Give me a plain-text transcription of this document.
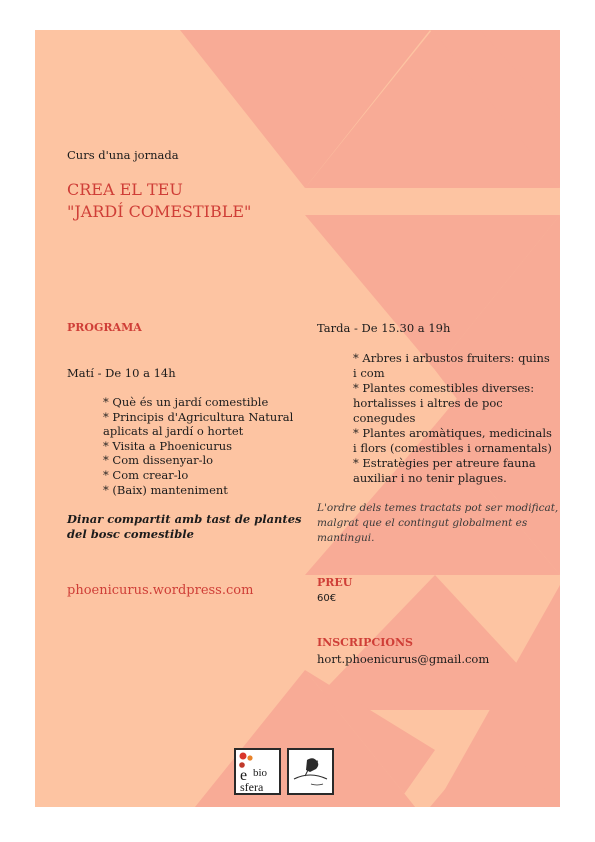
Curs d'una jornada
CREA EL TEU
"JARDÍ COMESTIBLE"
PROGRAMA
Matí - De 10 a 14h
* Què és un jardí comestible
* Principis d'Agricultura Natural
aplicats al jardí o hortet
* Visita a Phoenicurus
* Com dissenyar-lo
* Com crear-lo
* (Baix) manteniment
Dinar compartit amb tast de plantes
del bosc comestible
phoenicurus.wordpress.com
Tarda - De 15.30 a 19h
* Arbres i arbustos fruiters: quins
i com
* Plantes comestibles diverses:
hortalisses i altres de poc
conegudes
* Plantes aromàtiques, medicinals
i flors (comestibles i ornamentals)
* Estratègies per atreure fauna
auxiliar i no tenir plagues.
L'ordre dels temes tractats pot ser modificat,
malgrat que el contingut globalment es
mantingui.
PREU
60€
INSCRIPCIONS
hort.phoenicurus@gmail.com
e bio
sfera
